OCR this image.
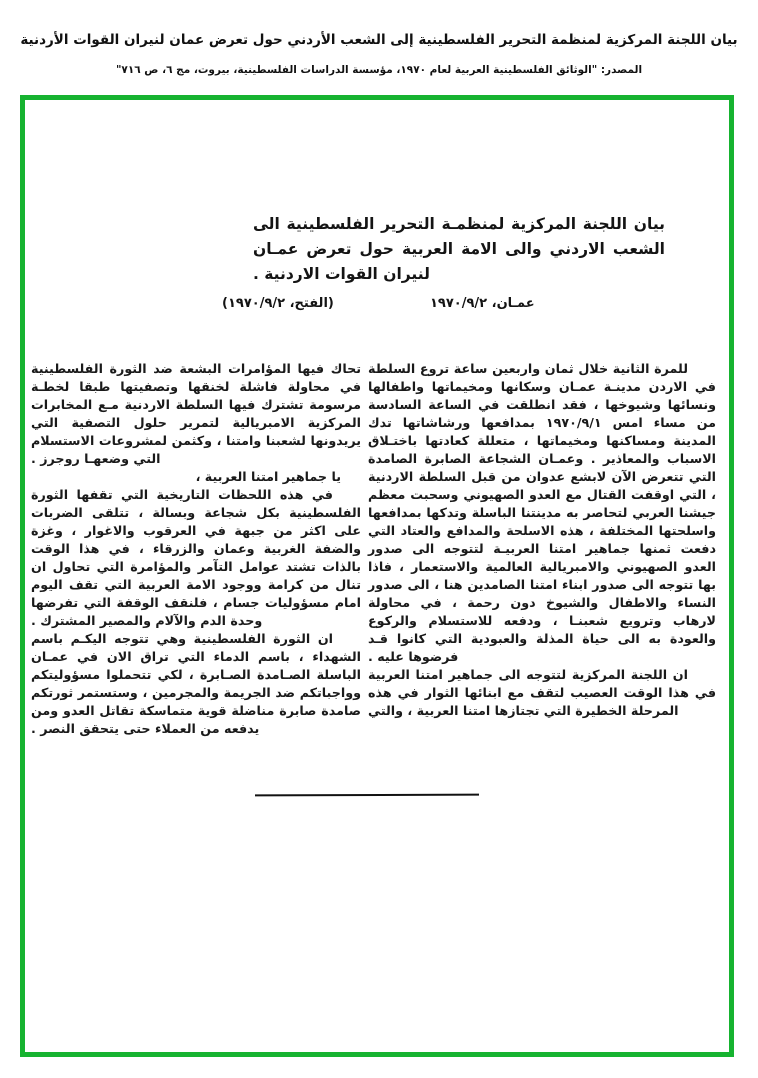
بيان اللجنة المركزية لمنظمة التحرير الفلسطينية إلى الشعب الأردني حول تعرض عمان لنيران القوات الأردنية
المصدر: "الوثائق الفلسطينية العربية لعام ١٩٧٠، مؤسسة الدراسات الفلسطينية، بيروت، مج ٦، ص ٧١٦"
بيان اللجنة المركزية لمنظمـة التحرير الفلسطينية الى
الشعب الاردني والى الامة العربية حول تعرض عمـان
لنيران القوات الاردنية .
عمـان، ١٩٧٠/٩/٢
(الفتح، ١٩٧٠/٩/٢)

للمرة الثانية خلال ثمان واربعين ساعة تروع السلطة في الاردن مدينـة عمـان وسكانها ومخيماتها واطفالها ونسائها وشيوخها ، فقد انطلقت في الساعة السادسة من مساء امس ١٩٧٠/٩/١ بمدافعها ورشاشاتها تدك المدينة ومساكنها ومخيماتها ، متعللة كعادتها باختـلاق الاسباب والمعاذير . وعمـان الشجاعة الصابرة الصامدة التي تتعرض الآن لابشع عدوان من قبل السلطة الاردنية ، التي اوقفت القتال مع العدو الصهيوني وسحبت معظم جيشنا العربي لتحاصر به مدينتنا الباسلة وتدكها بمدافعها واسلحتها المختلفة ، هذه الاسلحة والمدافع والعتاد التي دفعت ثمنها جماهير امتنا العربيـة لتتوجه الى صدور العدو الصهيوني والامبريالية العالمية والاستعمار ، فاذا بها تتوجه الى صدور ابناء امتنا الصامدين هنا ، الى صدور النساء والاطفال والشيوخ دون رحمة ، في محاولة لارهاب وترويع شعبنـا ، ودفعه للاستسلام والركوع والعودة به الى حياة المذلة والعبودية التي كانوا قـد فرضوها عليه .

ان اللجنة المركزية لتتوجه الى جماهير امتنا العربية في هذا الوقت العصيب لتقف مع ابنائها الثوار في هذه المرحلة الخطيرة التي تجتازها امتنا العربية ، والتي

تحاك فيها المؤامرات البشعة ضد الثورة الفلسطينية في محاولة فاشلة لخنقها وتصفيتها طبقا لخطـة مرسومة تشترك فيها السلطة الاردنية مـع المخابرات المركزية الامبريالية لتمرير حلول التصفية التي يريدونها لشعبنا وامتنا ، وكثمن لمشروعات الاستسلام التي وضعهـا روجرز .

يا جماهير امتنا العربية ،

في هذه اللحظات التاريخية التي تقفها الثورة الفلسطينية بكل شجاعة وبسالة ، تتلقى الضربات على اكثر من جبهة في العرقوب والاغوار ، وغزة والضفة الغربية وعمان والزرقاء ، في هذا الوقت بالذات تشتد عوامل التآمر والمؤامرة التي تحاول ان تنال من كرامة ووجود الامة العربية التي تقف اليوم امام مسؤوليات جسام ، فلنقف الوقفة التي تفرضها وحدة الدم والآلام والمصير المشترك .

ان الثورة الفلسطينية وهي تتوجه اليكـم باسم الشهداء ، باسم الدماء التي تراق الان في عمـان الباسلة الصـامدة الصـابرة ، لكي تتحملوا مسؤوليتكم وواجباتكم ضد الجريمة والمجرمين ، وستستمر ثورتكم صامدة صابرة مناضلة قوية متماسكة تقاتل العدو ومن يدفعه من العملاء حتى يتحقق النصر .
